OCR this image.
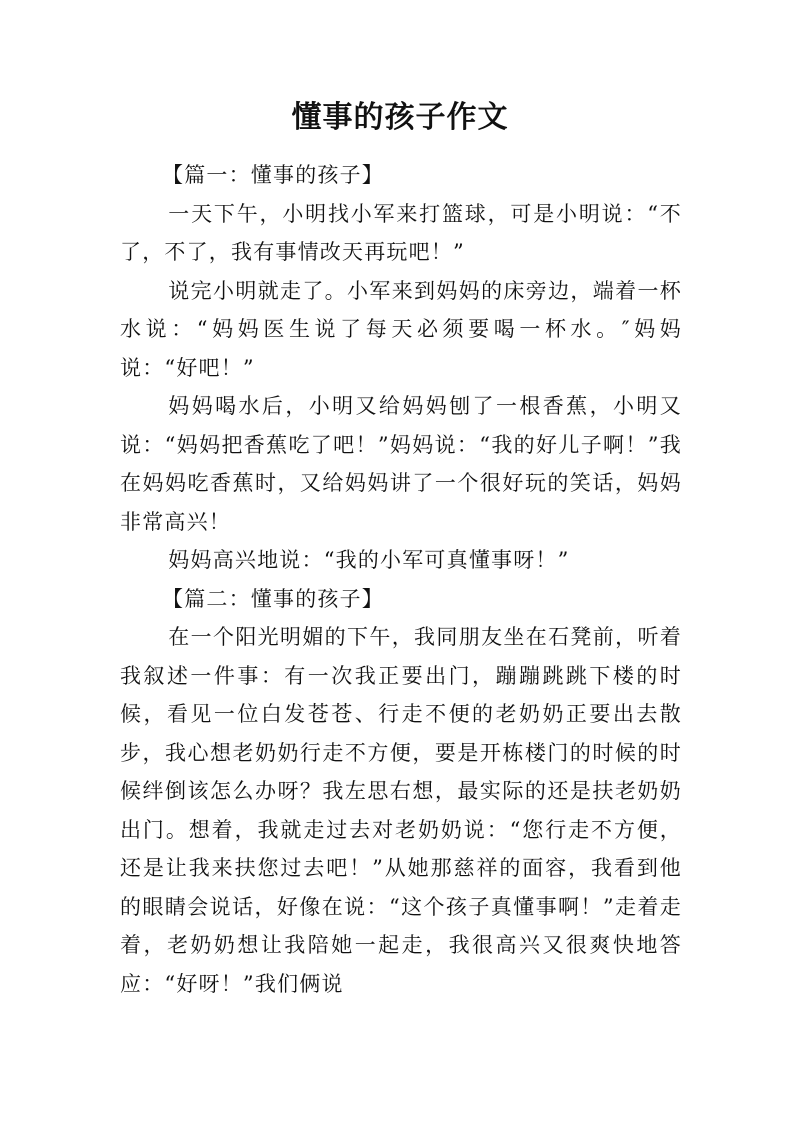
懂事的孩子作文

【篇一：懂事的孩子】

一天下午，小明找小军来打篮球，可是小明说：“不了，不了，我有事情改天再玩吧！”

说完小明就走了。小军来到妈妈的床旁边，端着一杯水说：“妈妈医生说了每天必须要喝一杯水。″妈妈说：“好吧！”

妈妈喝水后，小明又给妈妈刨了一根香蕉，小明又说：“妈妈把香蕉吃了吧！”妈妈说：“我的好儿子啊！”我在妈妈吃香蕉时，又给妈妈讲了一个很好玩的笑话，妈妈非常高兴！

妈妈高兴地说：“我的小军可真懂事呀！”

【篇二：懂事的孩子】

在一个阳光明媚的下午，我同朋友坐在石凳前，听着我叙述一件事：有一次我正要出门，蹦蹦跳跳下楼的时候，看见一位白发苍苍、行走不便的老奶奶正要出去散步，我心想老奶奶行走不方便，要是开栋楼门的时候的时候绊倒该怎么办呀？我左思右想，最实际的还是扶老奶奶出门。想着，我就走过去对老奶奶说：“您行走不方便，还是让我来扶您过去吧！”从她那慈祥的面容，我看到他的眼睛会说话，好像在说：“这个孩子真懂事啊！”走着走着，老奶奶想让我陪她一起走，我很高兴又很爽快地答应：“好呀！”我们俩说
